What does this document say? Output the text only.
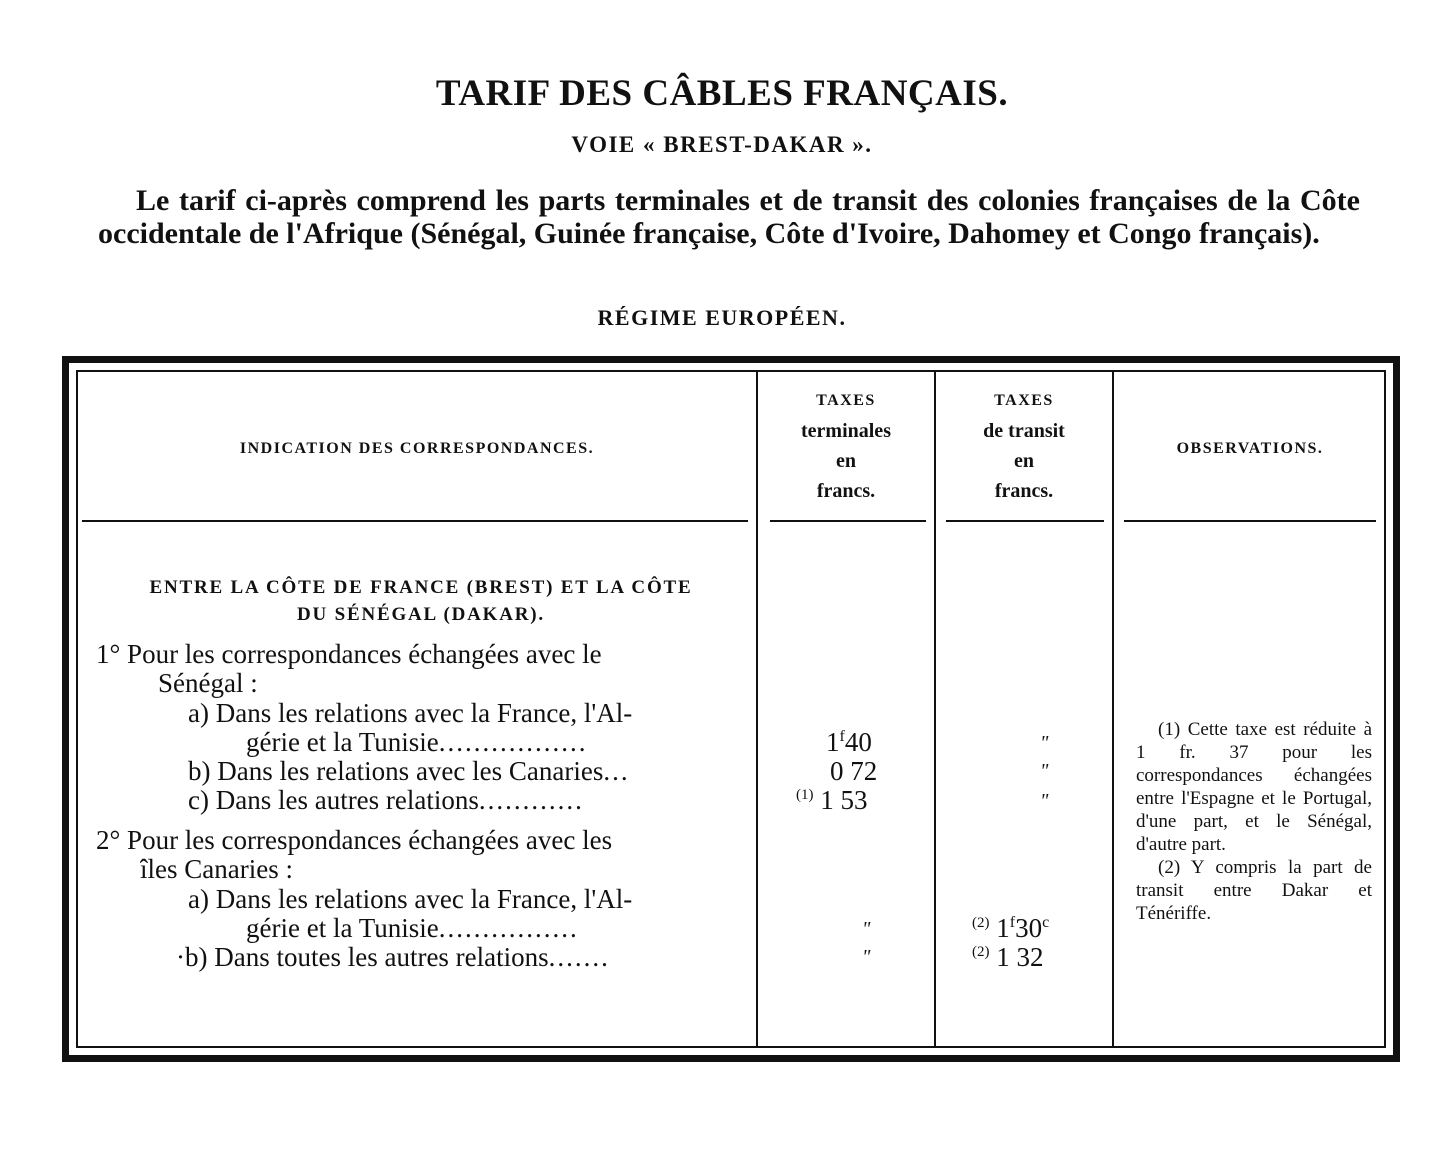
TARIF DES CÂBLES FRANÇAIS.
VOIE « BREST-DAKAR ».

Le tarif ci-après comprend les parts terminales et de transit des colonies françaises de la Côte occidentale de l'Afrique (Sénégal, Guinée française, Côte d'Ivoire, Dahomey et Congo français).

RÉGIME EUROPÉEN.
INDICATION DES CORRESPONDANCES.
TAXES
terminales
en
francs.
TAXES
de transit
en
francs.
OBSERVATIONS.
ENTRE LA CÔTE DE FRANCE (BREST) ET LA CÔTE
DU SÉNÉGAL (DAKAR).
1° Pour les correspondances échangées avec le
Sénégal :
a) Dans les relations avec la France, l'Al-
gérie et la Tunisie.................
b) Dans les relations avec les Canaries...
c) Dans les autres relations............
2° Pour les correspondances échangées avec les
îles Canaries :
a) Dans les relations avec la France, l'Al-
gérie et la Tunisie................
·b) Dans toutes les autres relations.......
1$^f$40
0 72
$^{(1)}$ 1 53
"
"
"
"
"
$^{(2)}$ 1$^f$30$^c$
$^{(2)}$ 1 32

(1) Cette taxe est réduite à 1 fr. 37 pour les correspondances échangées entre l'Espagne et le Portugal, d'une part, et le Sénégal, d'autre part.

(2) Y compris la part de transit entre Dakar et Ténériffe.
